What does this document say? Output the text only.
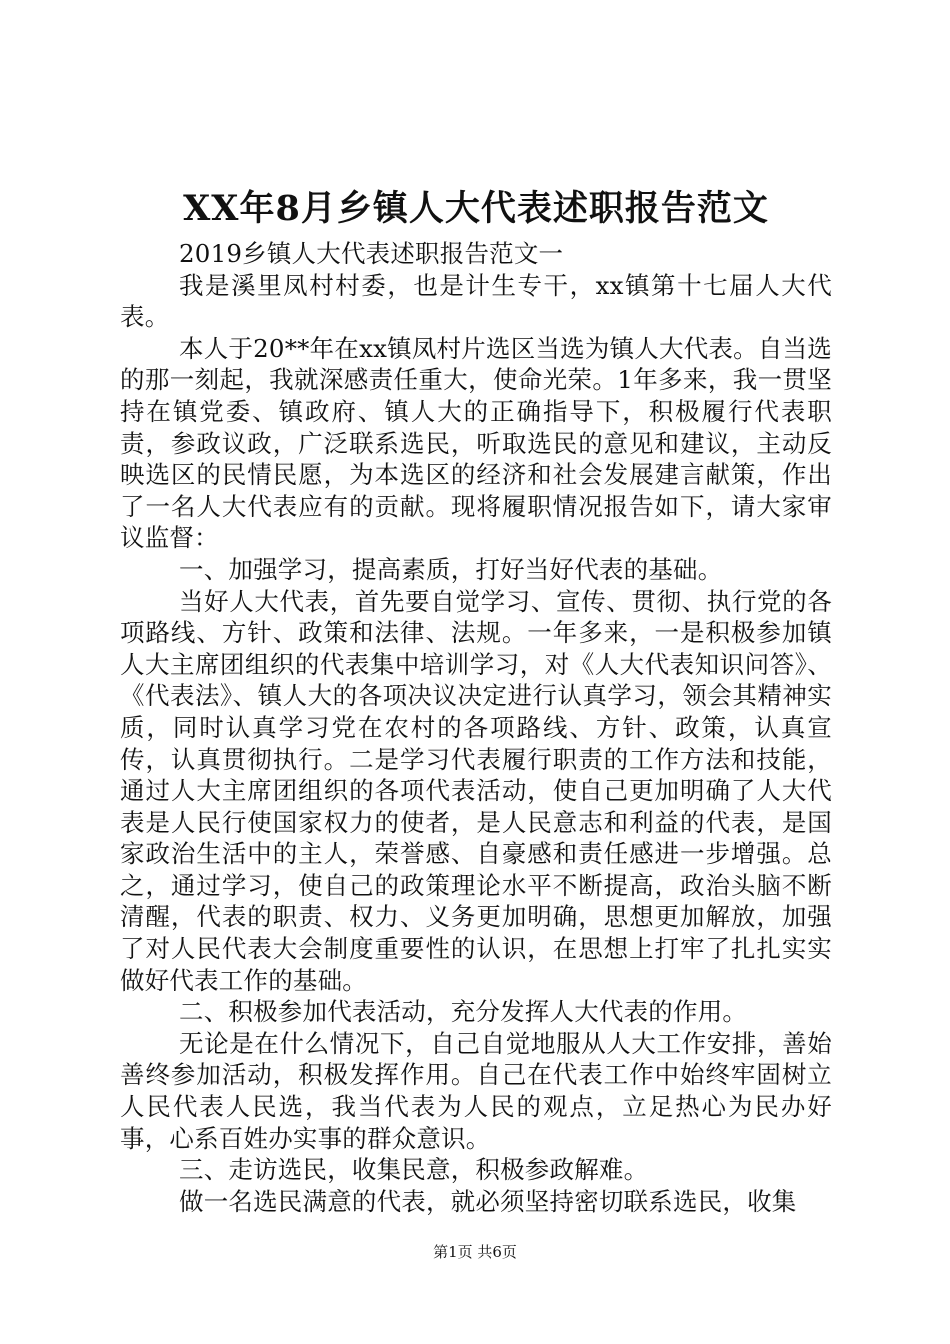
XX年8月乡镇人大代表述职报告范文

2019乡镇人大代表述职报告范文一

我是溪里凤村村委，也是计生专干，xx镇第十七届人大代表。

本人于20**年在xx镇凤村片选区当选为镇人大代表。自当选的那一刻起，我就深感责任重大，使命光荣。1年多来，我一贯坚持在镇党委、镇政府、镇人大的正确指导下，积极履行代表职责，参政议政，广泛联系选民，听取选民的意见和建议，主动反映选区的民情民愿，为本选区的经济和社会发展建言献策，作出了一名人大代表应有的贡献。现将履职情况报告如下，请大家审议监督：

一、加强学习，提高素质，打好当好代表的基础。

当好人大代表，首先要自觉学习、宣传、贯彻、执行党的各项路线、方针、政策和法律、法规。一年多来，一是积极参加镇人大主席团组织的代表集中培训学习，对《人大代表知识问答》、《代表法》、镇人大的各项决议决定进行认真学习，领会其精神实质，同时认真学习党在农村的各项路线、方针、政策，认真宣传，认真贯彻执行。二是学习代表履行职责的工作方法和技能，通过人大主席团组织的各项代表活动，使自己更加明确了人大代表是人民行使国家权力的使者，是人民意志和利益的代表，是国家政治生活中的主人，荣誉感、自豪感和责任感进一步增强。总之，通过学习，使自己的政策理论水平不断提高，政治头脑不断清醒，代表的职责、权力、义务更加明确，思想更加解放，加强了对人民代表大会制度重要性的认识，在思想上打牢了扎扎实实做好代表工作的基础。

二、积极参加代表活动，充分发挥人大代表的作用。

无论是在什么情况下，自己自觉地服从人大工作安排，善始善终参加活动，积极发挥作用。自己在代表工作中始终牢固树立人民代表人民选，我当代表为人民的观点，立足热心为民办好事，心系百姓办实事的群众意识。

三、走访选民，收集民意，积极参政解难。

做一名选民满意的代表，就必须坚持密切联系选民，收集

第1页 共6页
